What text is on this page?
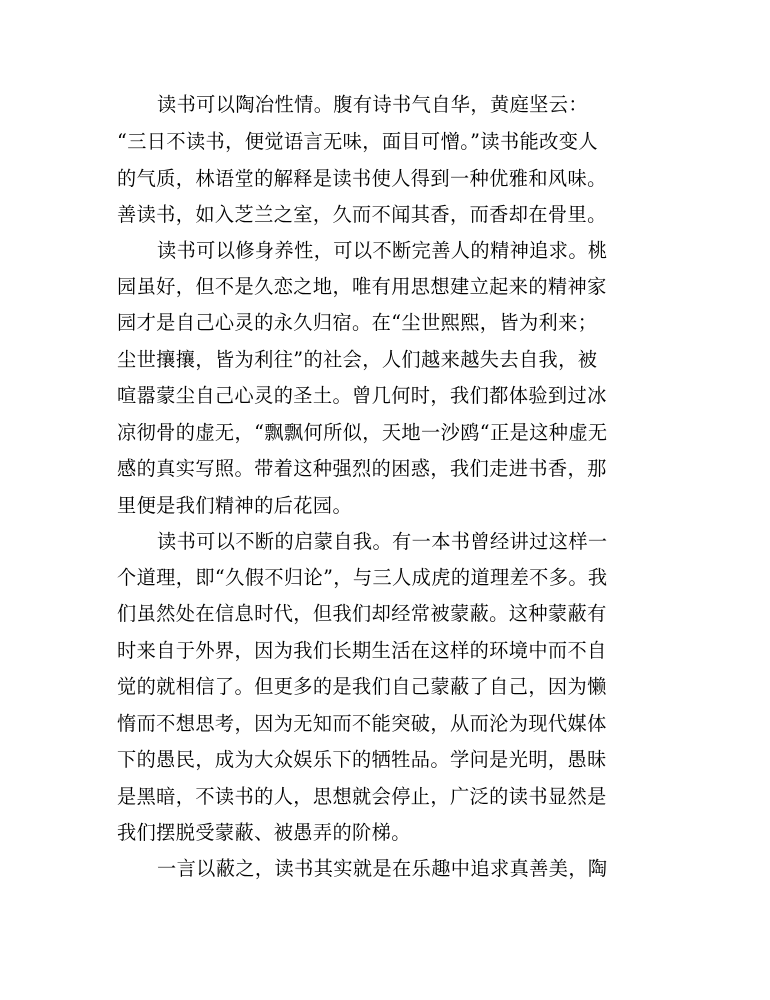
读书可以陶冶性情。腹有诗书气自华，黄庭坚云：
“三日不读书，便觉语言无味，面目可憎。”读书能改变人
的气质，林语堂的解释是读书使人得到一种优雅和风味。
善读书，如入芝兰之室，久而不闻其香，而香却在骨里。
读书可以修身养性，可以不断完善人的精神追求。桃
园虽好，但不是久恋之地，唯有用思想建立起来的精神家
园才是自己心灵的永久归宿。在“尘世熙熙，皆为利来；
尘世攘攘，皆为利往”的社会，人们越来越失去自我，被
喧嚣蒙尘自己心灵的圣土。曾几何时，我们都体验到过冰
凉彻骨的虚无，“飘飘何所似，天地一沙鸥“正是这种虚无
感的真实写照。带着这种强烈的困惑，我们走进书香，那
里便是我们精神的后花园。
读书可以不断的启蒙自我。有一本书曾经讲过这样一
个道理，即“久假不归论”，与三人成虎的道理差不多。我
们虽然处在信息时代，但我们却经常被蒙蔽。这种蒙蔽有
时来自于外界，因为我们长期生活在这样的环境中而不自
觉的就相信了。但更多的是我们自己蒙蔽了自己，因为懒
惰而不想思考，因为无知而不能突破，从而沦为现代媒体
下的愚民，成为大众娱乐下的牺牲品。学问是光明，愚昧
是黑暗，不读书的人，思想就会停止，广泛的读书显然是
我们摆脱受蒙蔽、被愚弄的阶梯。
一言以蔽之，读书其实就是在乐趣中追求真善美，陶
